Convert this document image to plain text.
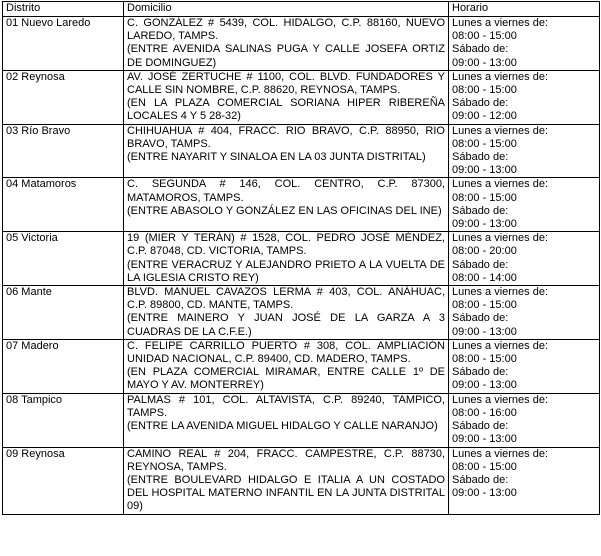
Distrito	Domicilio	Horario
01 Nuevo Laredo	C. GONZÁLEZ # 5439, COL. HIDALGO, C.P. 88160, NUEVO LAREDO, TAMPS.
(ENTRE AVENIDA SALINAS PUGA Y CALLE JOSEFA ORTIZ DE DOMINGUEZ)	Lunes a viernes de:
08:00 - 15:00
Sábado de:
09:00 - 13:00

02 Reynosa	AV. JOSÉ ZERTUCHE # 1100, COL. BLVD. FUNDADORES Y CALLE SIN NOMBRE, C.P. 88620, REYNOSA, TAMPS.
(EN LA PLAZA COMERCIAL SORIANA HIPER RIBEREÑA LOCALES 4 Y 5 28-32)	Lunes a viernes de:
08:00 - 15:00
Sábado de:
09:00 - 12:00

03 Río Bravo	CHIHUAHUA # 404, FRACC. RIO BRAVO, C.P. 88950, RIO BRAVO, TAMPS.
(ENTRE NAYARIT Y SINALOA EN LA 03 JUNTA DISTRITAL)	Lunes a viernes de:
08:00 - 15:00
Sábado de:
09:00 - 13:00

04 Matamoros	C. SEGUNDA # 146, COL. CENTRO, C.P. 87300, MATAMOROS, TAMPS.
(ENTRE ABASOLO Y GONZÁLEZ EN LAS OFICINAS DEL INE)	Lunes a viernes de:
08:00 - 15:00
Sábado de:
09:00 - 13:00

05 Victoria	19 (MIER Y TERÁN) # 1528, COL. PEDRO JOSÉ MÉNDEZ, C.P. 87048, CD. VICTORIA, TAMPS.
(ENTRE VERACRUZ Y ALEJANDRO PRIETO A LA VUELTA DE LA IGLESIA CRISTO REY)	Lunes a viernes de:
08:00 - 20:00
Sábado de:
08:00 - 14:00

06 Mante	BLVD. MANUEL CAVAZOS LERMA # 403, COL. ANÁHUAC, C.P. 89800, CD. MANTE, TAMPS.
(ENTRE MAINERO Y JUAN JOSÉ DE LA GARZA A 3 CUADRAS DE LA C.F.E.)	Lunes a viernes de:
08:00 - 15:00
Sábado de:
09:00 - 13:00

07 Madero	C. FELIPE CARRILLO PUERTO # 308, COL. AMPLIACIÓN UNIDAD NACIONAL, C.P. 89400, CD. MADERO, TAMPS.
(EN PLAZA COMERCIAL MIRAMAR, ENTRE CALLE 1º DE MAYO Y AV. MONTERREY)	Lunes a viernes de:
08:00 - 15:00
Sábado de:
09:00 - 13:00

08 Tampico	PALMAS # 101, COL. ALTAVISTA, C.P. 89240, TAMPICO, TAMPS.
(ENTRE LA AVENIDA MIGUEL HIDALGO Y CALLE NARANJO)	Lunes a viernes de:
08:00 - 16:00
Sábado de:
09:00 - 13:00

09 Reynosa	CAMINO REAL # 204, FRACC. CAMPESTRE, C.P. 88730, REYNOSA, TAMPS.
(ENTRE BOULEVARD HIDALGO E ITALIA A UN COSTADO DEL HOSPITAL MATERNO INFANTIL EN LA JUNTA DISTRITAL 09)	Lunes a viernes de:
08:00 - 15:00
Sábado de:
09:00 - 13:00
